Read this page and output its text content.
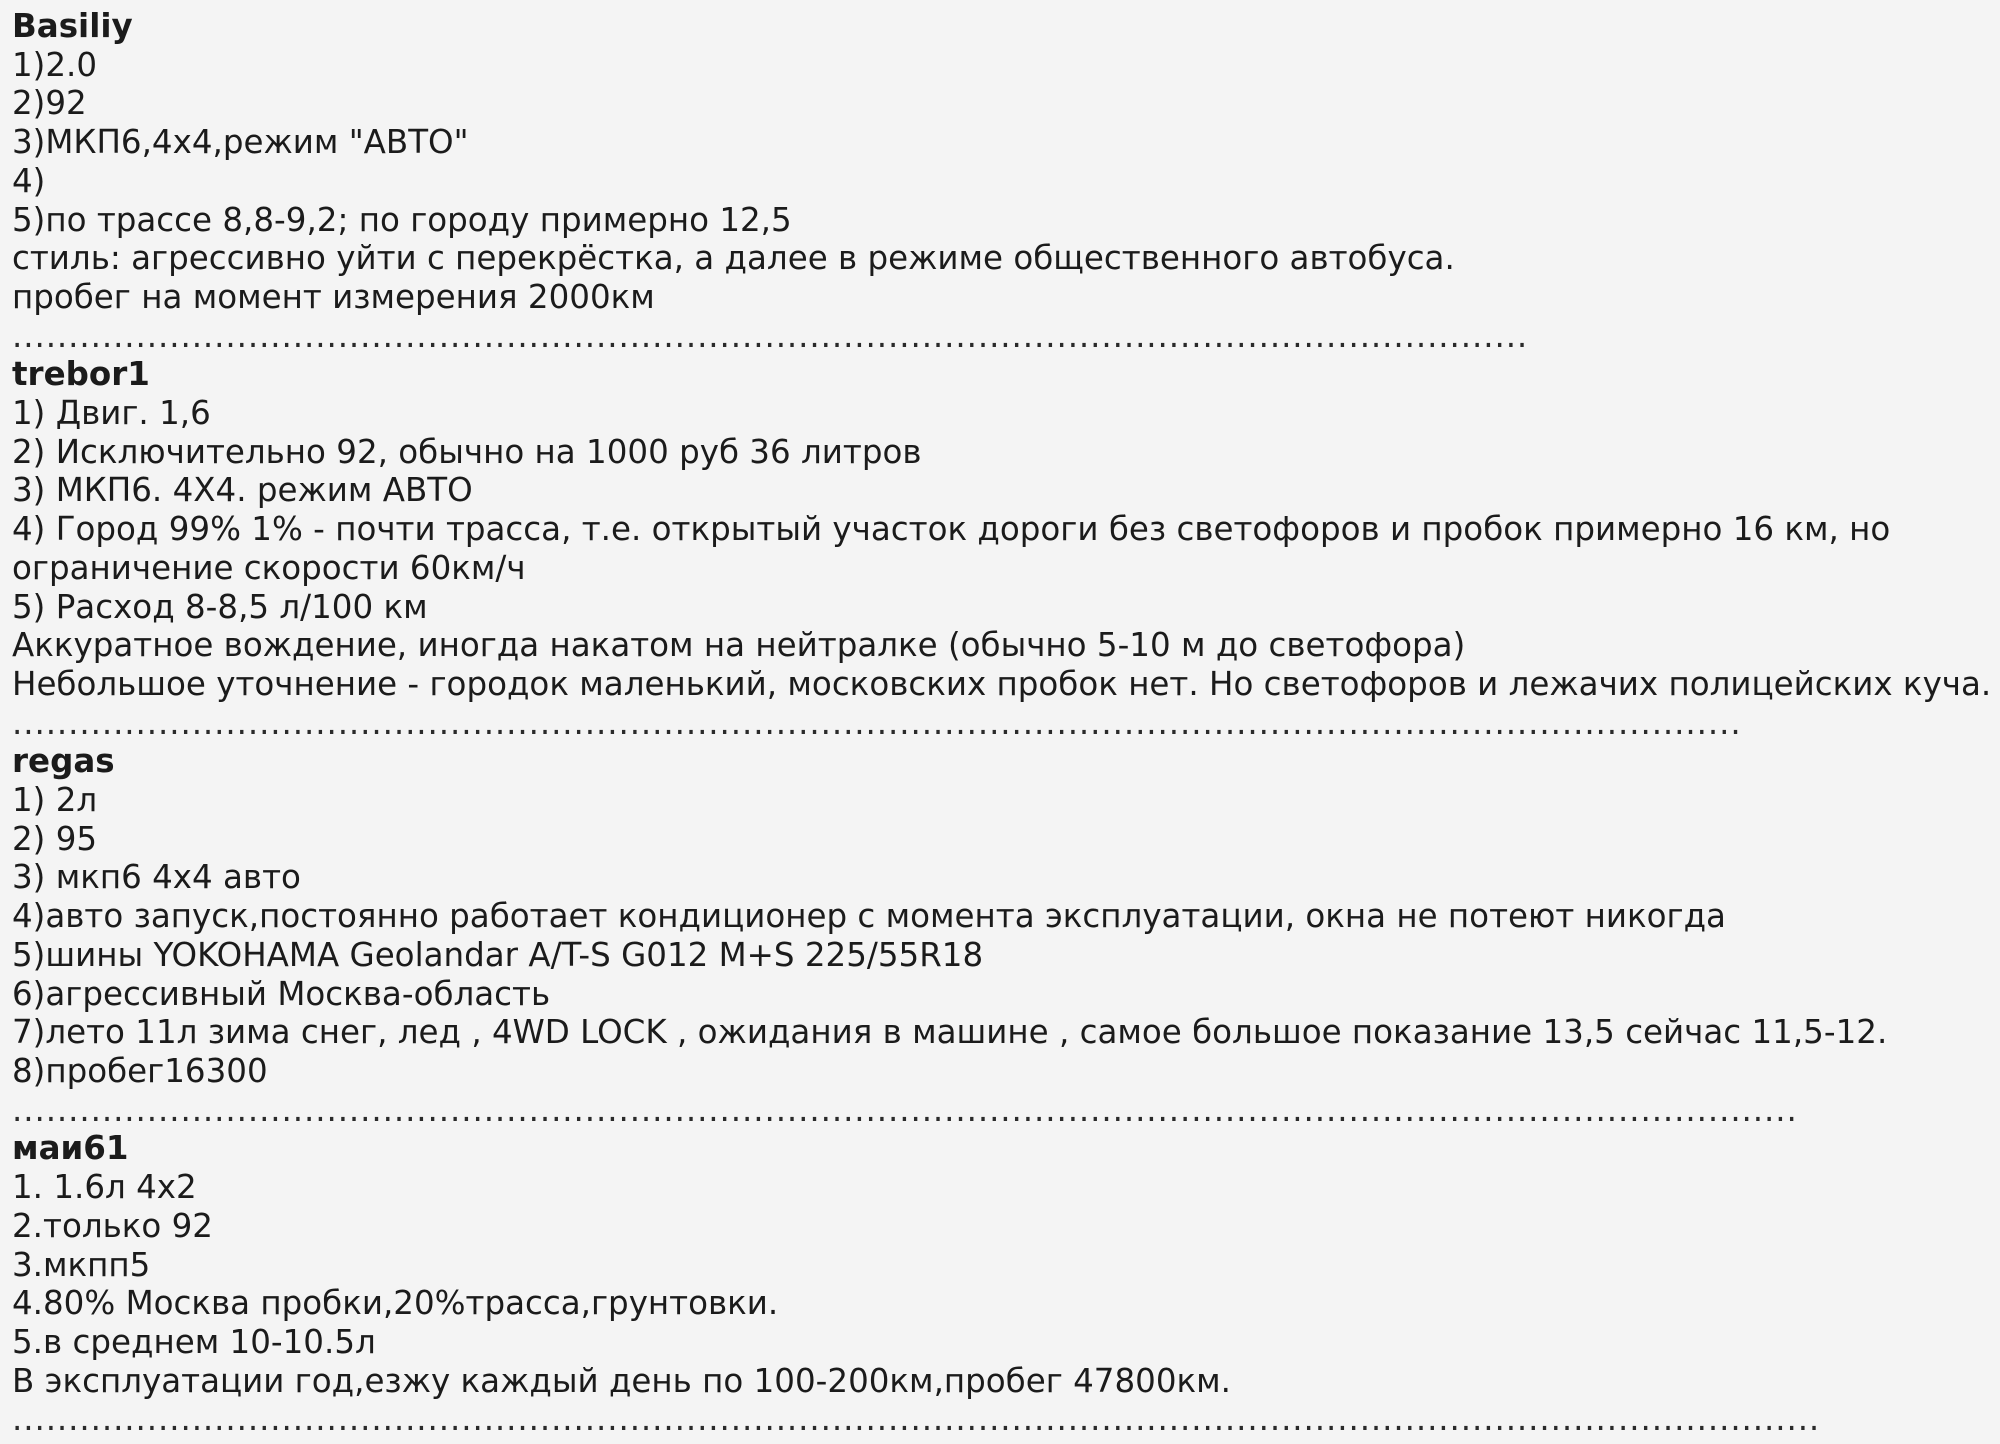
Basiliy
1)2.0
2)92
3)МКП6,4х4,режим "АВТО"
4)
5)по трассе 8,8-9,2; по городу примерно 12,5
стиль: агрессивно уйти с перекрёстка, а далее в режиме общественного автобуса.
пробег на момент измерения 2000км
.......................................................................................................................................
trebor1
1) Двиг. 1,6
2) Исключительно 92, обычно на 1000 руб 36 литров
3) МКП6. 4Х4. режим АВТО
4) Город 99% 1% - почти трасса, т.е. открытый участок дороги без светофоров и пробок примерно 16 км, но ограничение скорости 60км/ч
5) Расход 8-8,5 л/100 км
Аккуратное вождение, иногда накатом на нейтралке (обычно 5-10 м до светофора)
Небольшое уточнение - городок маленький, московских пробок нет. Но светофоров и лежачих полицейских куча.
..........................................................................................................................................................
regas
1) 2л
2) 95
3) мкп6 4х4 авто
4)авто запуск,постоянно работает кондиционер с момента эксплуатации, окна не потеют никогда
5)шины YOKOHAMA Geolandar A/T-S G012 M+S 225/55R18
6)агрессивный Москва-область
7)лето 11л зима снег, лед , 4WD LOCK , ожидания в машине , самое большое показание 13,5 сейчас 11,5-12.
8)пробег16300
...............................................................................................................................................................
маи61
1. 1.6л 4х2
2.только 92
3.мкпп5
4.80% Москва пробки,20%трасса,грунтовки.
5.в среднем 10-10.5л
В эксплуатации год,езжу каждый день по 100-200км,пробег 47800км.
.................................................................................................................................................................
